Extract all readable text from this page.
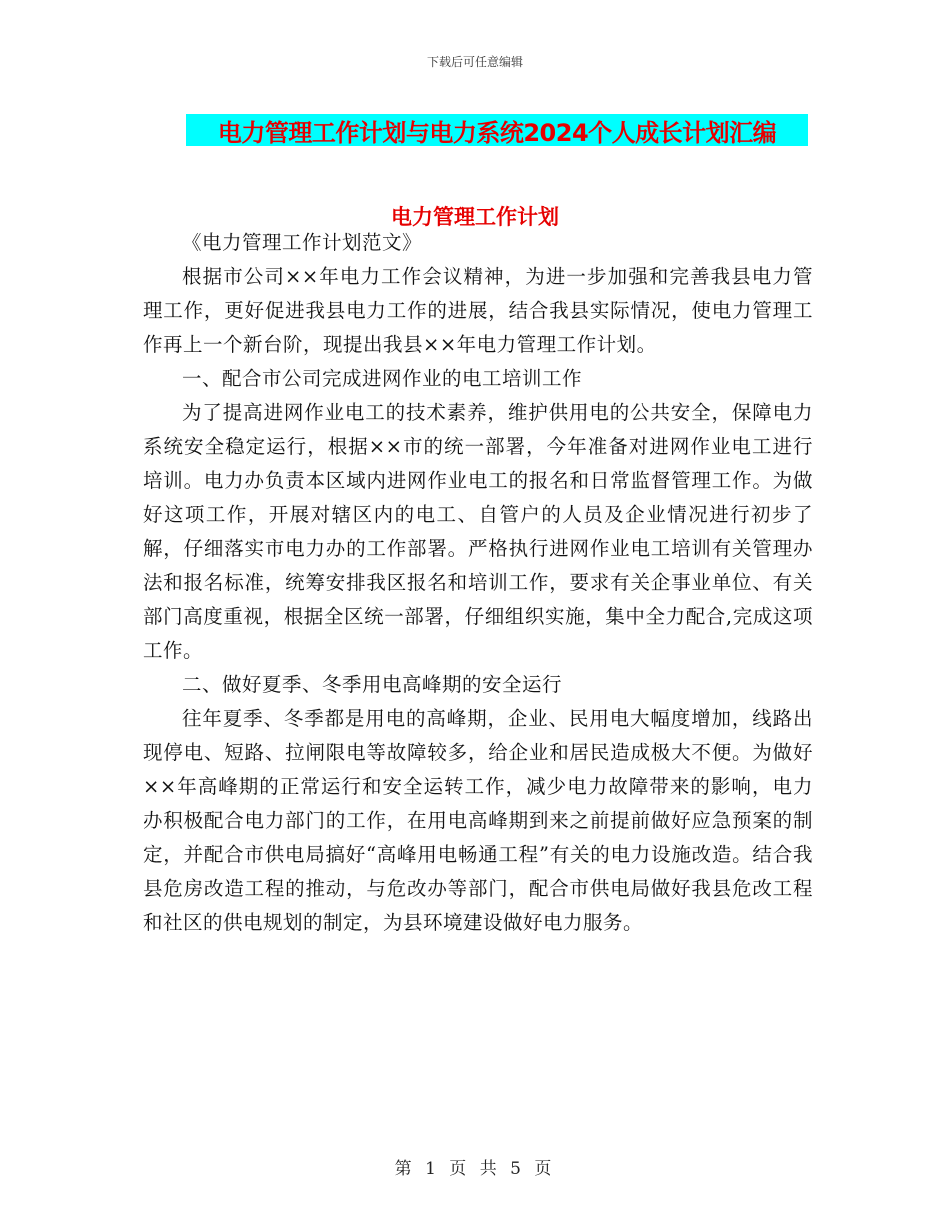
下载后可任意编辑
电力管理工作计划与电力系统2024个人成长计划汇编
电力管理工作计划

《电力管理工作计划范文》

根据市公司××年电力工作会议精神，为进一步加强和完善我县电力管理工作，更好促进我县电力工作的进展，结合我县实际情况，使电力管理工作再上一个新台阶，现提出我县××年电力管理工作计划。

一、配合市公司完成进网作业的电工培训工作

为了提高进网作业电工的技术素养，维护供用电的公共安全，保障电力系统安全稳定运行，根据××市的统一部署，今年准备对进网作业电工进行培训。电力办负责本区域内进网作业电工的报名和日常监督管理工作。为做好这项工作，开展对辖区内的电工、自管户的人员及企业情况进行初步了解，仔细落实市电力办的工作部署。严格执行进网作业电工培训有关管理办法和报名标准，统筹安排我区报名和培训工作，要求有关企事业单位、有关部门高度重视，根据全区统一部署，仔细组织实施，集中全力配合,完成这项工作。

二、做好夏季、冬季用电高峰期的安全运行

往年夏季、冬季都是用电的高峰期，企业、民用电大幅度增加，线路出现停电、短路、拉闸限电等故障较多，给企业和居民造成极大不便。为做好××年高峰期的正常运行和安全运转工作，减少电力故障带来的影响，电力办积极配合电力部门的工作，在用电高峰期到来之前提前做好应急预案的制定，并配合市供电局搞好“高峰用电畅通工程”有关的电力设施改造。结合我县危房改造工程的推动，与危改办等部门，配合市供电局做好我县危改工程和社区的供电规划的制定，为县环境建设做好电力服务。

第 1 页 共 5 页
